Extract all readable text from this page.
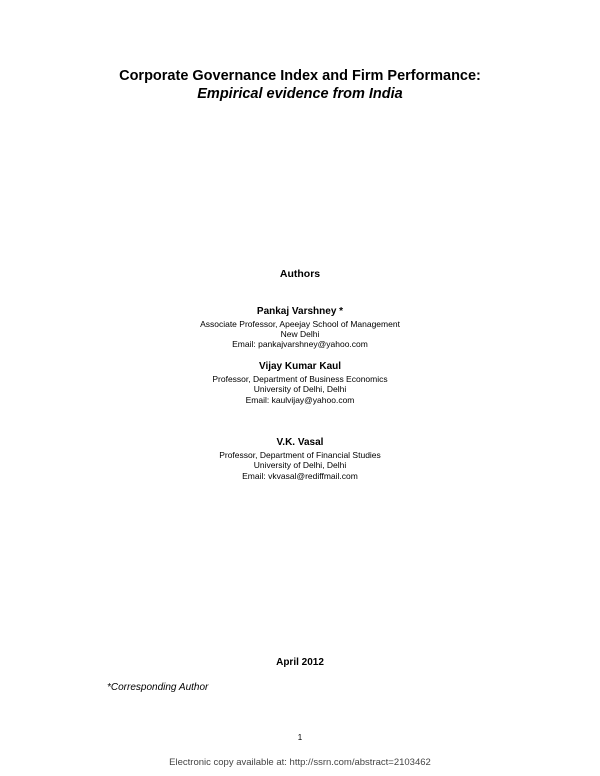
Corporate Governance Index and Firm Performance:
Empirical evidence from India
Authors
Pankaj Varshney *
Associate Professor, Apeejay School of Management
New Delhi
Email: pankajvarshney@yahoo.com
Vijay Kumar Kaul
Professor, Department of Business Economics
University of Delhi, Delhi
Email: kaulvijay@yahoo.com
V.K. Vasal
Professor, Department of Financial Studies
University of Delhi, Delhi
Email: vkvasal@rediffmail.com
April 2012
*Corresponding Author
1
Electronic copy available at: http://ssrn.com/abstract=2103462
